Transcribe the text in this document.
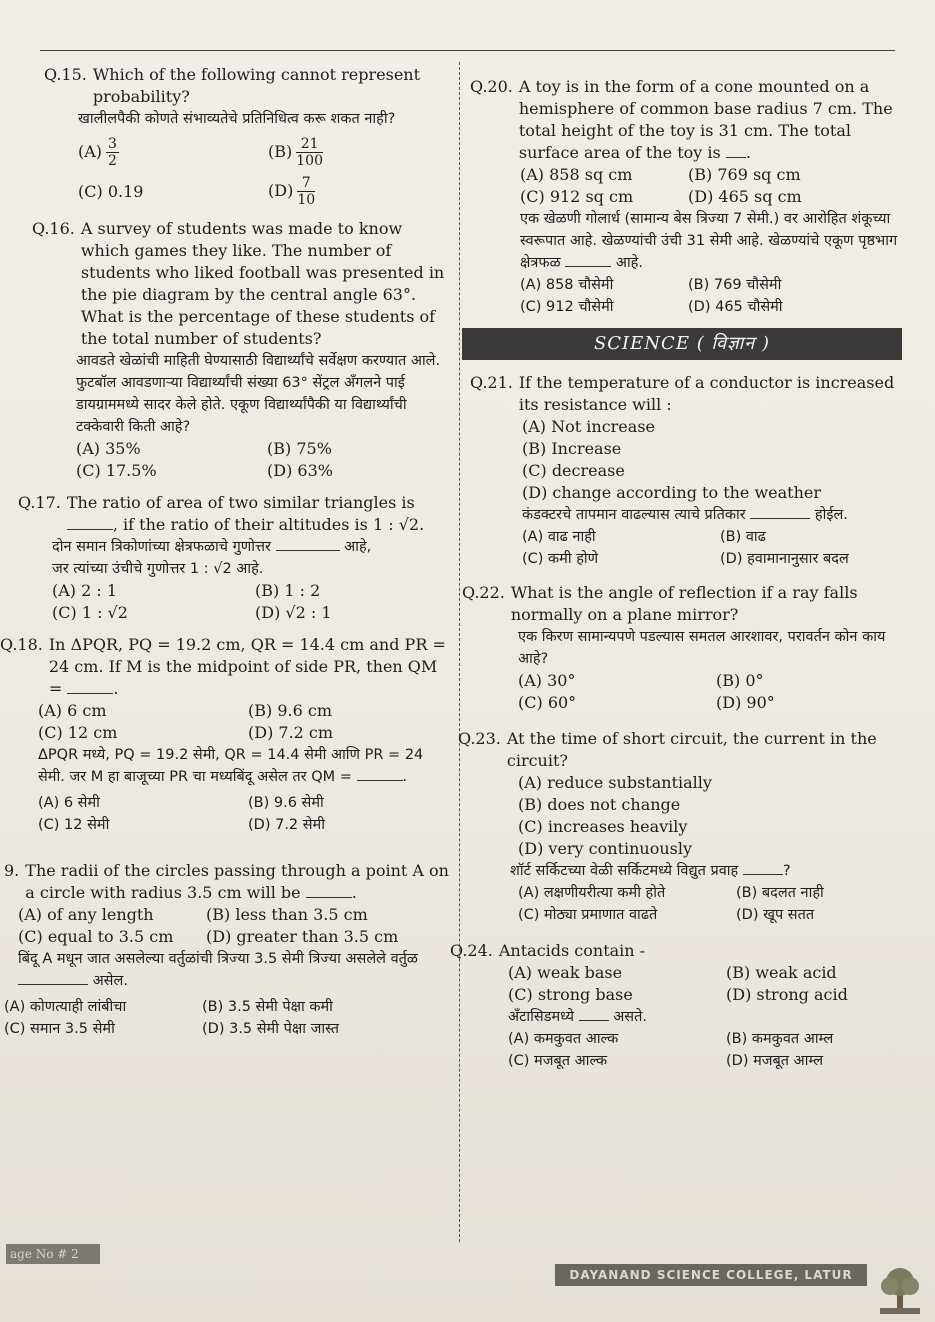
Q.15. Which of the following cannot represent probability?
खालीलपैकी कोणते संभाव्यतेचे प्रतिनिधित्व करू शकत नाही?
$(A) \frac{3}{2}$	$(B) \frac{21}{100}$
(C) 0.19	$(D) \frac{7}{10}$
Q.16. A survey of students was made to know which games they like. The number of students who liked football was presented in the pie diagram by the central angle 63°. What is the percentage of these students of the total number of students?
आवडते खेळांची माहिती घेण्यासाठी विद्यार्थ्यांचे सर्वेक्षण करण्यात आले. फुटबॉल आवडणाऱ्या विद्यार्थ्यांची संख्या 63° सेंट्रल अँगलने पाई डायग्राममध्ये सादर केले होते. एकूण विद्यार्थ्यांपैकी या विद्यार्थ्यांची टक्केवारी किती आहे?
(A) 35%	(B) 75%
(C) 17.5%	(D) 63%
Q.17. The ratio of area of two similar triangles is , if the ratio of their altitudes is 1 : √2.
दोन समान त्रिकोणांच्या क्षेत्रफळाचे गुणोत्तर	आहे,
जर त्यांच्या उंचीचे गुणोत्तर 1 : √2 आहे.
(A) 2 : 1	(B) 1 : 2
(C) 1 : √2	(D) √2 : 1
Q.18. In ΔPQR, PQ = 19.2 cm, QR = 14.4 cm and PR = 24 cm. If M is the midpoint of side PR, then QM =	.
(A) 6 cm	(B) 9.6 cm
(C) 12 cm	(D) 7.2 cm
ΔPQR मध्ये, PQ = 19.2 सेमी, QR = 14.4 सेमी आणि PR = 24 सेमी. जर M हा बाजूच्या PR चा मध्यबिंदू असेल तर QM =	.
(A) 6 सेमी	(B) 9.6 सेमी
(C) 12 सेमी	(D) 7.2 सेमी
9. The radii of the circles passing through a point A on a circle with radius 3.5 cm will be	.
(A) of any length	(B) less than 3.5 cm
(C) equal to 3.5 cm	(D) greater than 3.5 cm
बिंदू A मधून जात असलेल्या वर्तुळांची त्रिज्या 3.5 सेमी त्रिज्या असलेले वर्तुळ  असेल.
(A) कोणत्याही लांबीचा	(B) 3.5 सेमी पेक्षा कमी
(C) समान 3.5 सेमी	(D) 3.5 सेमी पेक्षा जास्त
Q.20. A toy is in the form of a cone mounted on a hemisphere of common base radius 7 cm. The total height of the toy is 31 cm. The total surface area of the toy is .
(A) 858 sq cm	(B) 769 sq cm
(C) 912 sq cm	(D) 465 sq cm
एक खेळणी गोलार्ध (सामान्य बेस त्रिज्या 7 सेमी.) वर आरोहित शंकूच्या स्वरूपात आहे. खेळण्यांची उंची 31 सेमी आहे. खेळण्यांचे एकूण पृष्ठभाग क्षेत्रफळ	आहे.
(A) 858 चौसेमी	(B) 769 चौसेमी
(C) 912 चौसेमी	(D) 465 चौसेमी
SCIENCE ( विज्ञान )
Q.21. If the temperature of a conductor is increased its resistance will :
(A) Not increase
(B) Increase
(C) decrease
(D) change according to the weather
कंडक्टरचे तापमान वाढल्यास त्याचे प्रतिकार	होईल.
(A) वाढ नाही	(B) वाढ
(C) कमी होणे	(D) हवामानानुसार बदल
Q.22. What is the angle of reflection if a ray falls normally on a plane mirror?
एक किरण सामान्यपणे पडल्यास समतल आरशावर, परावर्तन कोन काय आहे?
(A) 30°	(B) 0°
(C) 60°	(D) 90°
Q.23. At the time of short circuit, the current in the circuit?
(A) reduce substantially
(B) does not change
(C) increases heavily
(D) very continuously
शॉर्ट सर्किटच्या वेळी सर्किटमध्ये विद्युत प्रवाह	?
(A) लक्षणीयरीत्या कमी होते	(B) बदलत नाही
(C) मोठ्या प्रमाणात वाढते	(D) खूप सतत
Q.24. Antacids contain -
(A) weak base	(B) weak acid
(C) strong base	(D) strong acid
अँटासिडमध्ये	असते.
(A) कमकुवत आल्क	(B) कमकुवत आम्ल
(C) मजबूत आल्क	(D) मजबूत आम्ल
age No # 2
DAYANAND SCIENCE COLLEGE, LATUR
